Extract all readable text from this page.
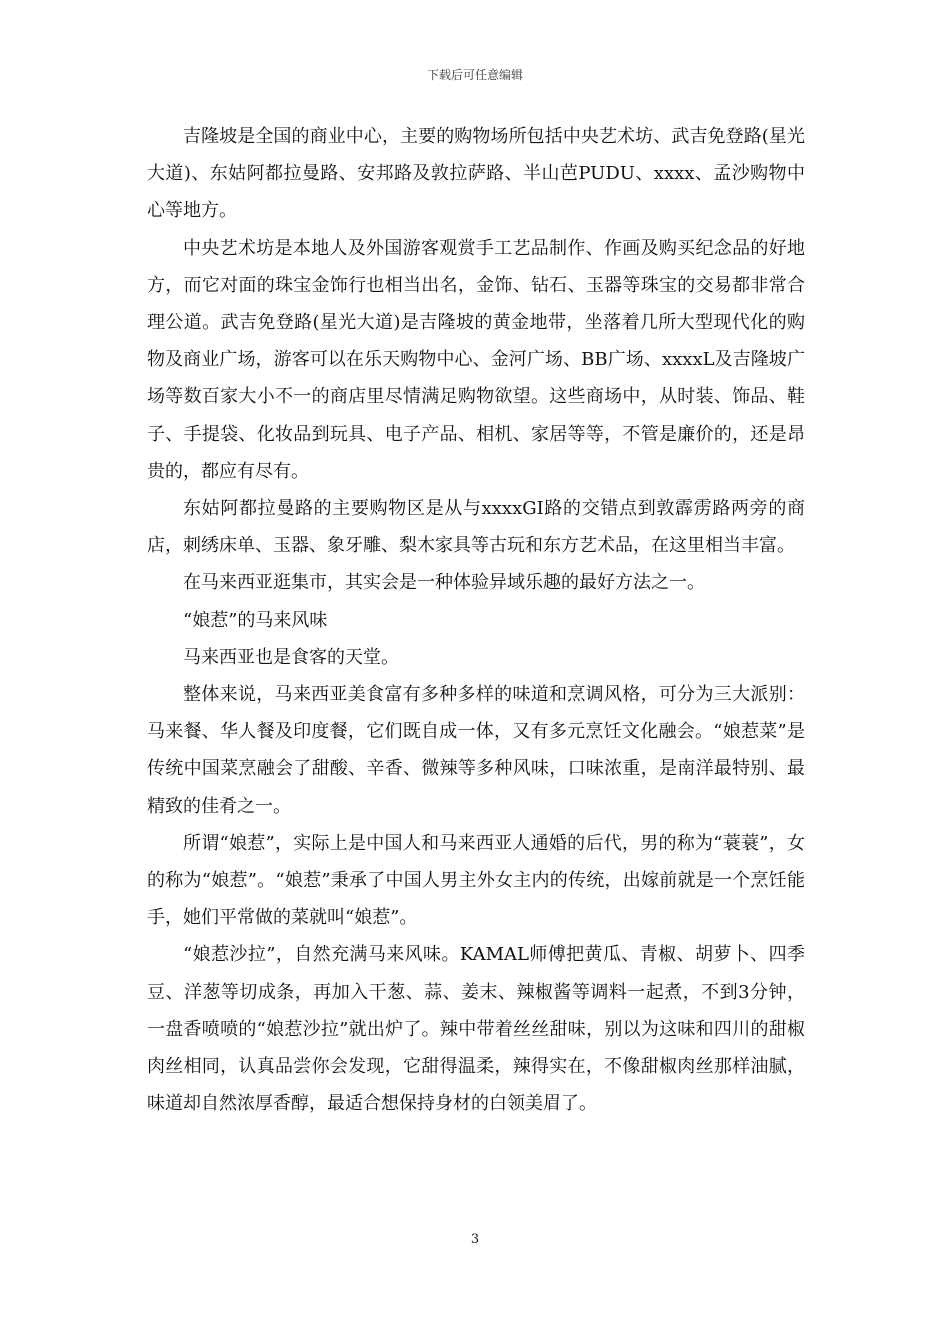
下载后可任意编辑

吉隆坡是全国的商业中心，主要的购物场所包括中央艺术坊、武吉免登路(星光大道)、东姑阿都拉曼路、安邦路及敦拉萨路、半山芭PUDU、xxxx、孟沙购物中心等地方。

中央艺术坊是本地人及外国游客观赏手工艺品制作、作画及购买纪念品的好地方，而它对面的珠宝金饰行也相当出名，金饰、钻石、玉器等珠宝的交易都非常合理公道。武吉免登路(星光大道)是吉隆坡的黄金地带，坐落着几所大型现代化的购物及商业广场，游客可以在乐天购物中心、金河广场、BB广场、xxxxL及吉隆坡广场等数百家大小不一的商店里尽情满足购物欲望。这些商场中，从时装、饰品、鞋子、手提袋、化妆品到玩具、电子产品、相机、家居等等，不管是廉价的，还是昂贵的，都应有尽有。

东姑阿都拉曼路的主要购物区是从与xxxxGI路的交错点到敦霹雳路两旁的商店，刺绣床单、玉器、象牙雕、梨木家具等古玩和东方艺术品，在这里相当丰富。

在马来西亚逛集市，其实会是一种体验异域乐趣的最好方法之一。

“娘惹”的马来风味

马来西亚也是食客的天堂。

整体来说，马来西亚美食富有多种多样的味道和烹调风格，可分为三大派别：马来餐、华人餐及印度餐，它们既自成一体，又有多元烹饪文化融会。“娘惹菜”是传统中国菜烹融会了甜酸、辛香、微辣等多种风味，口味浓重，是南洋最特别、最精致的佳肴之一。

所谓“娘惹”，实际上是中国人和马来西亚人通婚的后代，男的称为“蓑蓑”，女的称为“娘惹”。“娘惹”秉承了中国人男主外女主内的传统，出嫁前就是一个烹饪能手，她们平常做的菜就叫“娘惹”。

“娘惹沙拉”，自然充满马来风味。KAMAL师傅把黄瓜、青椒、胡萝卜、四季豆、洋葱等切成条，再加入干葱、蒜、姜末、辣椒酱等调料一起煮，不到3分钟，一盘香喷喷的“娘惹沙拉”就出炉了。辣中带着丝丝甜味，别以为这味和四川的甜椒肉丝相同，认真品尝你会发现，它甜得温柔，辣得实在，不像甜椒肉丝那样油腻，味道却自然浓厚香醇，最适合想保持身材的白领美眉了。

3
